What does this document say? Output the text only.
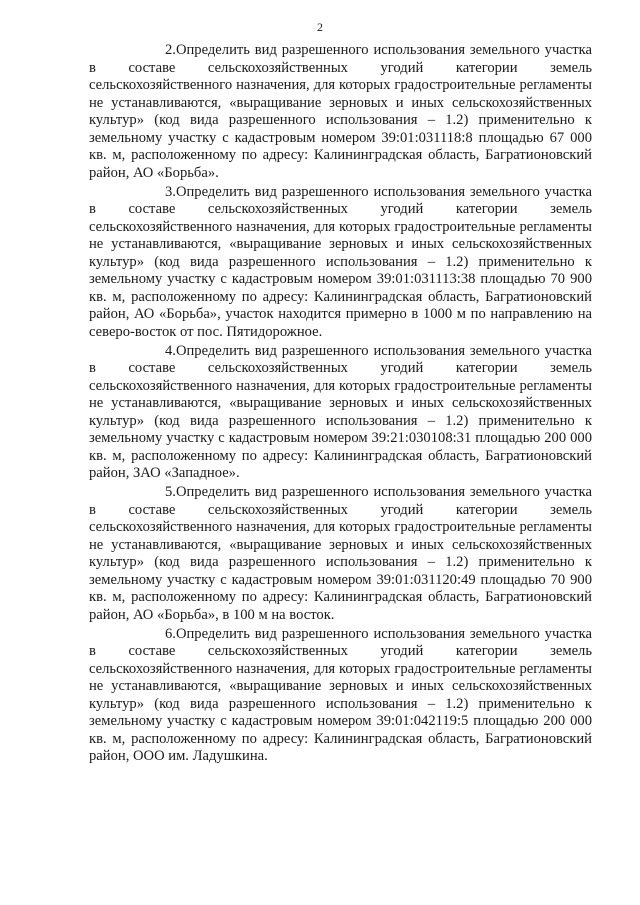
2

2.Определить вид разрешенного использования земельного участка в составе сельскохозяйственных угодий категории земель сельскохозяйственного назначения, для которых градостроительные регламенты не устанавливаются, «выращивание зерновых и иных сельскохозяйственных культур» (код вида разрешенного использования – 1.2) применительно к земельному участку с кадастровым номером 39:01:031118:8 площадью 67 000 кв. м, расположенному по адресу: Калининградская область, Багратионовский район, АО «Борьба».

3.Определить вид разрешенного использования земельного участка в составе сельскохозяйственных угодий категории земель сельскохозяйственного назначения, для которых градостроительные регламенты не устанавливаются, «выращивание зерновых и иных сельскохозяйственных культур» (код вида разрешенного использования – 1.2) применительно к земельному участку с кадастровым номером 39:01:031113:38 площадью 70 900 кв. м, расположенному по адресу: Калининградская область, Багратионовский район, АО «Борьба», участок находится примерно в 1000 м по направлению на северо-восток от пос. Пятидорожное.

4.Определить вид разрешенного использования земельного участка в составе сельскохозяйственных угодий категории земель сельскохозяйственного назначения, для которых градостроительные регламенты не устанавливаются, «выращивание зерновых и иных сельскохозяйственных культур» (код вида разрешенного использования – 1.2) применительно к земельному участку с кадастровым номером 39:21:030108:31 площадью 200 000 кв. м, расположенному по адресу: Калининградская область, Багратионовский район, ЗАО «Западное».

5.Определить вид разрешенного использования земельного участка в составе сельскохозяйственных угодий категории земель сельскохозяйственного назначения, для которых градостроительные регламенты не устанавливаются, «выращивание зерновых и иных сельскохозяйственных культур» (код вида разрешенного использования – 1.2) применительно к земельному участку с кадастровым номером 39:01:031120:49 площадью 70 900 кв. м, расположенному по адресу: Калининградская область, Багратионовский район, АО «Борьба», в 100 м на восток.

6.Определить вид разрешенного использования земельного участка в составе сельскохозяйственных угодий категории земель сельскохозяйственного назначения, для которых градостроительные регламенты не устанавливаются, «выращивание зерновых и иных сельскохозяйственных культур» (код вида разрешенного использования – 1.2) применительно к земельному участку с кадастровым номером 39:01:042119:5 площадью 200 000 кв. м, расположенному по адресу: Калининградская область, Багратионовский район, ООО им. Ладушкина.
